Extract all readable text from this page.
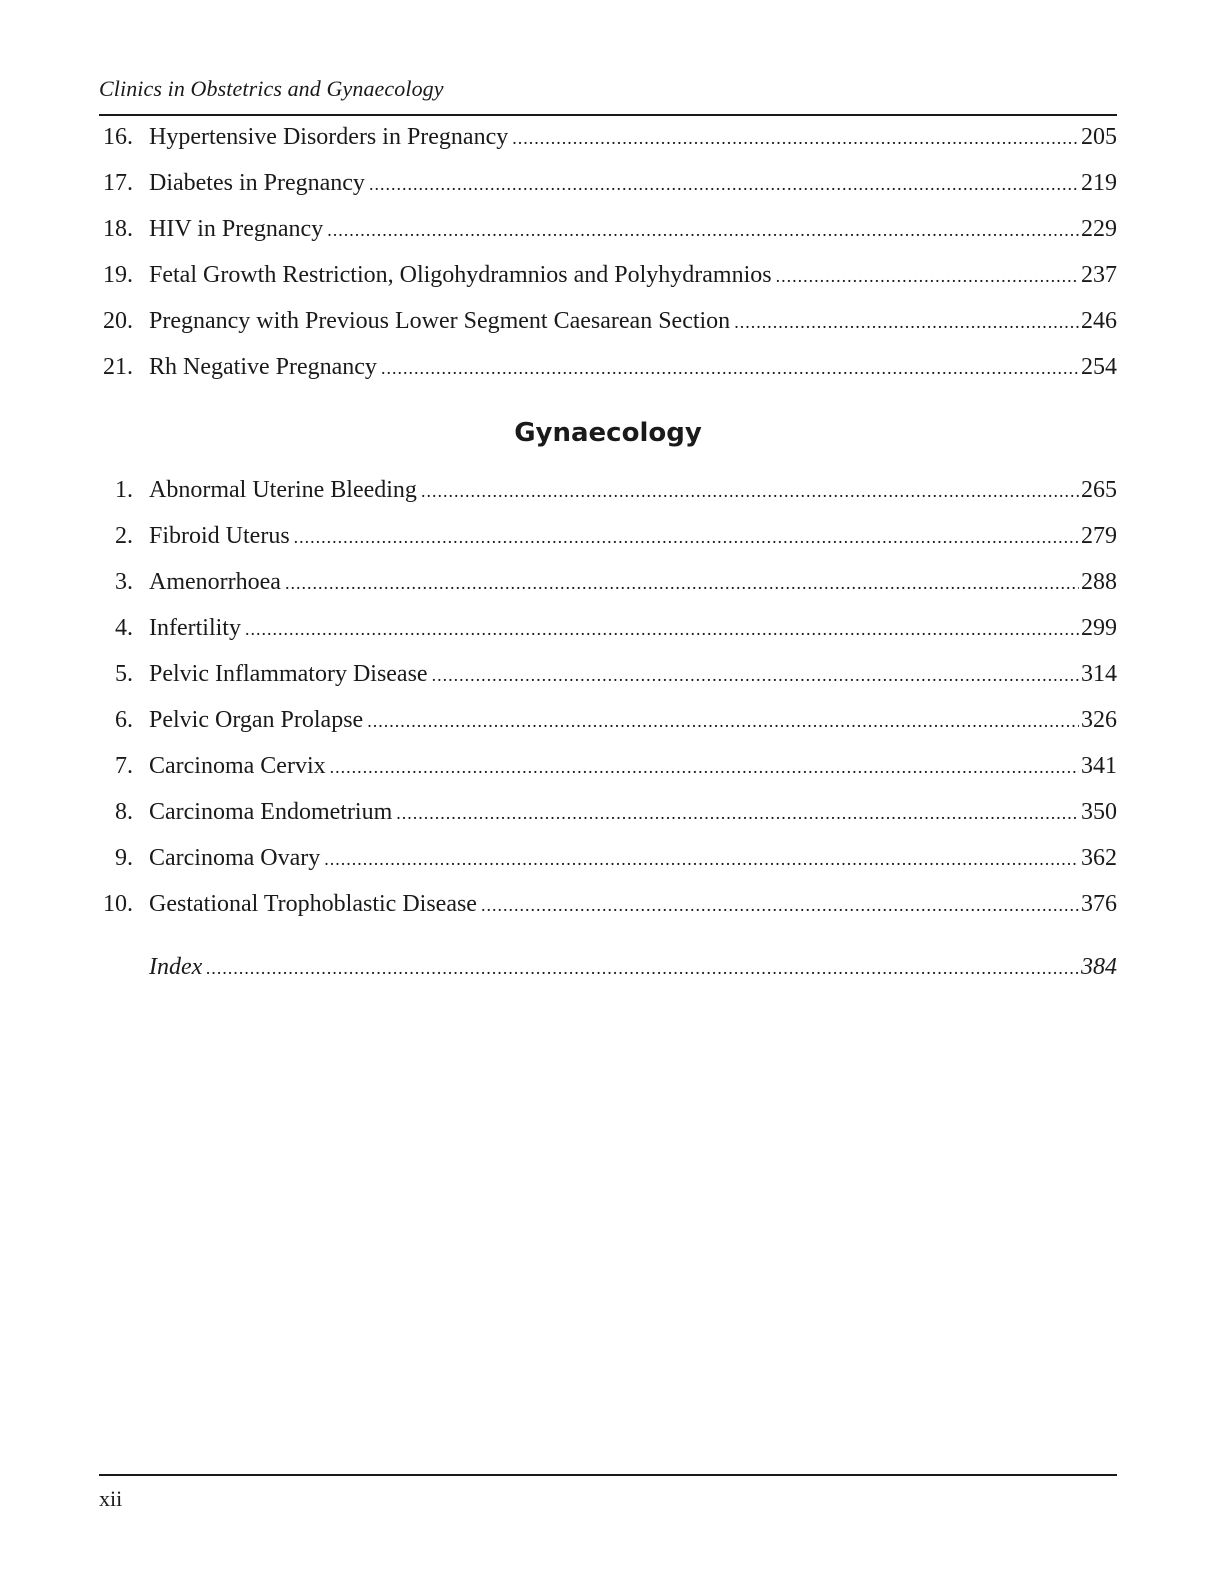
Clinics in Obstetrics and Gynaecology
16. Hypertensive Disorders in Pregnancy .....	205
17. Diabetes in Pregnancy .....	219
18. HIV in Pregnancy .....	229
19. Fetal Growth Restriction, Oligohydramnios and Polyhydramnios .....	237
20. Pregnancy with Previous Lower Segment Caesarean Section .....	246
21. Rh Negative Pregnancy .....	254
Gynaecology
1. Abnormal Uterine Bleeding .....	265
2. Fibroid Uterus .....	279
3. Amenorrhoea .....	288
4. Infertility .....	299
5. Pelvic Inflammatory Disease .....	314
6. Pelvic Organ Prolapse .....	326
7. Carcinoma Cervix .....	341
8. Carcinoma Endometrium .....	350
9. Carcinoma Ovary .....	362
10. Gestational Trophoblastic Disease .....	376
Index .....	384
xii
